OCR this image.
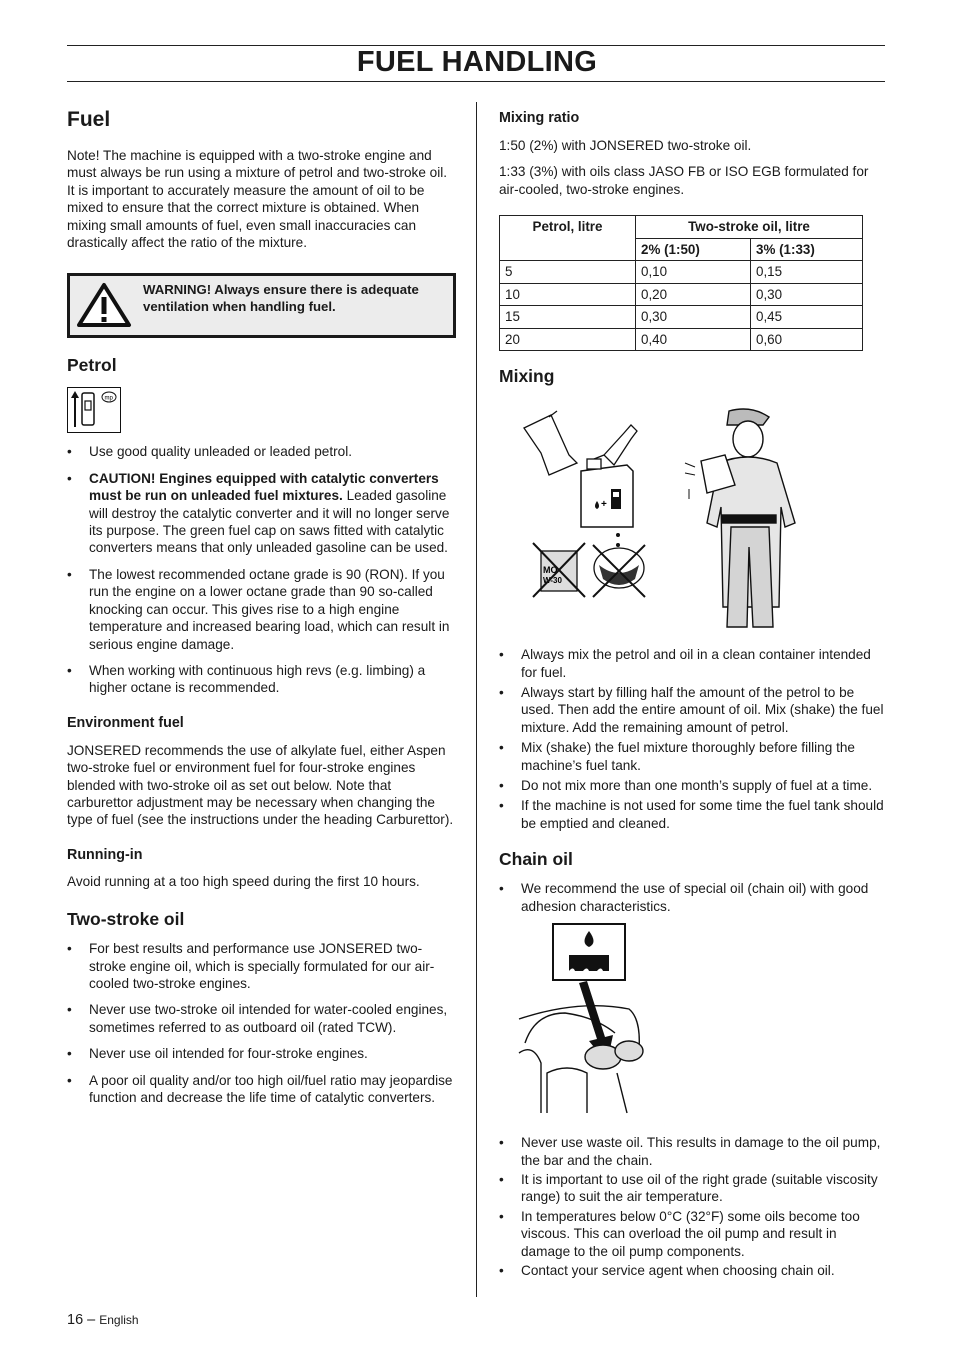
FUEL HANDLING
Fuel

Note! The machine is equipped with a two-stroke engine and must always be run using a mixture of petrol and two-stroke oil. It is important to accurately measure the amount of oil to be mixed to ensure that the correct mixture is obtained. When mixing small amounts of fuel, even small inaccuracies can drastically affect the ratio of the mixture.

WARNING! Always ensure there is adequate ventilation when handling fuel.
Petrol
mp
• Use good quality unleaded or leaded petrol.
• CAUTION! Engines equipped with catalytic converters must be run on unleaded fuel mixtures. Leaded gasoline will destroy the catalytic converter and it will no longer serve its purpose. The green fuel cap on saws fitted with catalytic converters means that only unleaded gasoline can be used.
• The lowest recommended octane grade is 90 (RON). If you run the engine on a lower octane grade than 90 so-called knocking can occur. This gives rise to a high engine temperature and increased bearing load, which can result in serious engine damage.
• When working with continuous high revs (e.g. limbing) a higher octane is recommended.
Environment fuel

JONSERED recommends the use of alkylate fuel, either Aspen two-stroke fuel or environment fuel for four-stroke engines blended with two-stroke oil as set out below. Note that carburettor adjustment may be necessary when changing the type of fuel (see the instructions under the heading Carburettor).

Running-in

Avoid running at a too high speed during the first 10 hours.

Two-stroke oil
• For best results and performance use JONSERED two-stroke engine oil, which is specially formulated for our air-cooled two-stroke engines.
• Never use two-stroke oil intended for water-cooled engines, sometimes referred to as outboard oil (rated TCW).
• Never use oil intended for four-stroke engines.
• A poor oil quality and/or too high oil/fuel ratio may jeopardise function and decrease the life time of catalytic converters.
Mixing ratio

1:50 (2%) with JONSERED two-stroke oil.

1:33 (3%) with oils class JASO FB or ISO EGB formulated for air-cooled, two-stroke engines.

Petrol, litre	Two-stroke oil, litre	
	2% (1:50)	3% (1:33)
5	0,10	0,15
10	0,20	0,30
15	0,30	0,45
20	0,40	0,60
Mixing
+
MO
W-30
• Always mix the petrol and oil in a clean container intended for fuel.
• Always start by filling half the amount of the petrol to be used. Then add the entire amount of oil. Mix (shake) the fuel mixture. Add the remaining amount of petrol.
• Mix (shake) the fuel mixture thoroughly before filling the machine’s fuel tank.
• Do not mix more than one month’s supply of fuel at a time.
• If the machine is not used for some time the fuel tank should be emptied and cleaned.
Chain oil
• We recommend the use of special oil (chain oil) with good adhesion characteristics.
• Never use waste oil. This results in damage to the oil pump, the bar and the chain.
• It is important to use oil of the right grade (suitable viscosity range) to suit the air temperature.
• In temperatures below 0°C (32°F) some oils become too viscous. This can overload the oil pump and result in damage to the oil pump components.
• Contact your service agent when choosing chain oil.
16 – English
